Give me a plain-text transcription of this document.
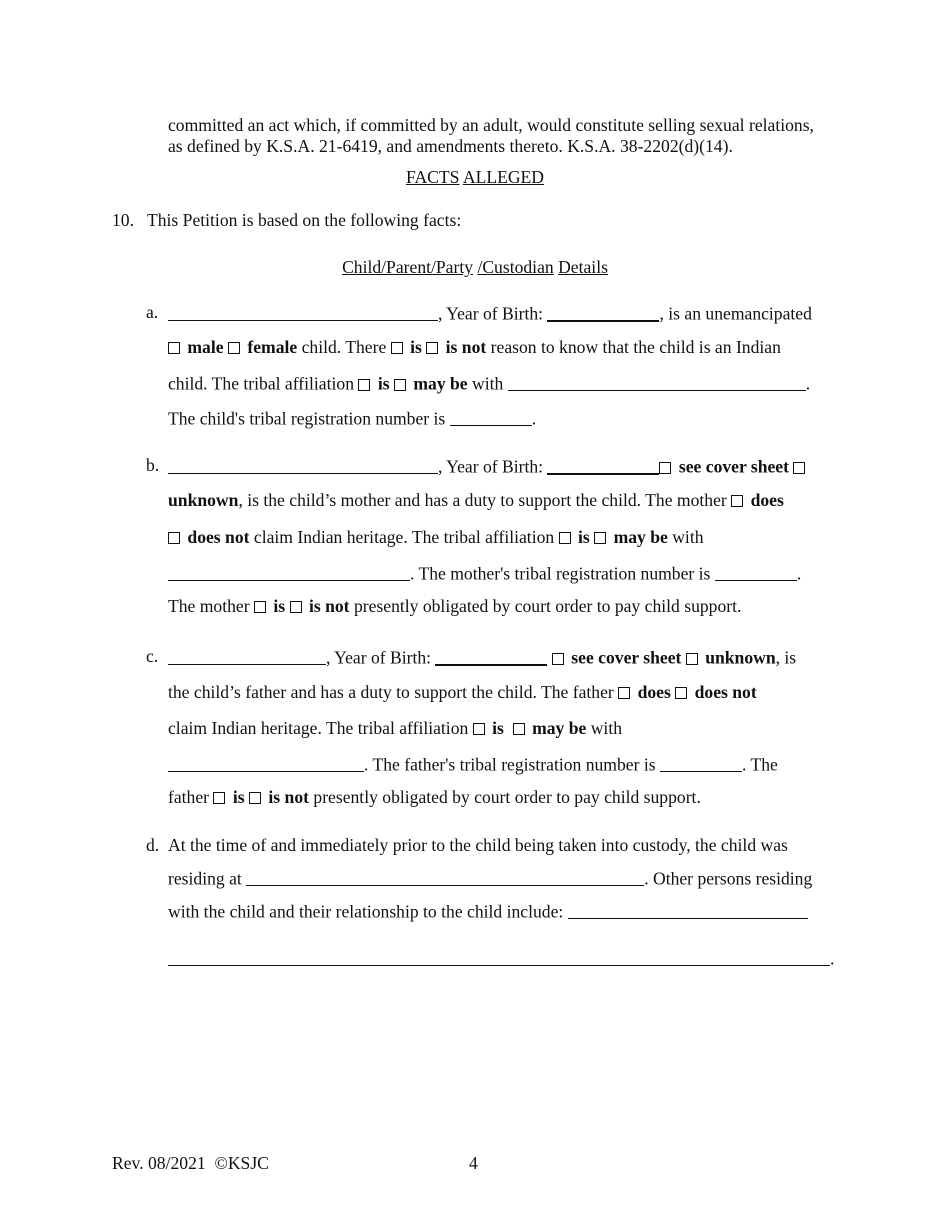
committed an act which, if committed by an adult, would constitute selling sexual relations,
as defined by K.S.A. 21-6419, and amendments thereto. K.S.A. 38-2202(d)(14).
FACTS ALLEGED
10. This Petition is based on the following facts:
Child/Parent/Party /Custodian Details
a.	, Year of Birth:	, is an unemancipated
male female child. There is is not reason to know that the child is an Indian
child. The tribal affiliation is may be with	.
The child's tribal registration number is	.
b.	, Year of Birth:	see cover sheet
unknown, is the child’s mother and has a duty to support the child. The mother does
does not claim Indian heritage. The tribal affiliation is may be with
. The mother's tribal registration number is	.
The mother is is not presently obligated by court order to pay child support.
c.	, Year of Birth:	see cover sheet unknown, is
the child’s father and has a duty to support the child. The father does does not
claim Indian heritage. The tribal affiliation is may be with
. The father's tribal registration number is	. The
father is is not presently obligated by court order to pay child support.
d. At the time of and immediately prior to the child being taken into custody, the child was
residing at	. Other persons residing
with the child and their relationship to the child include:
.
Rev. 08/2021  ©KSJC	4
